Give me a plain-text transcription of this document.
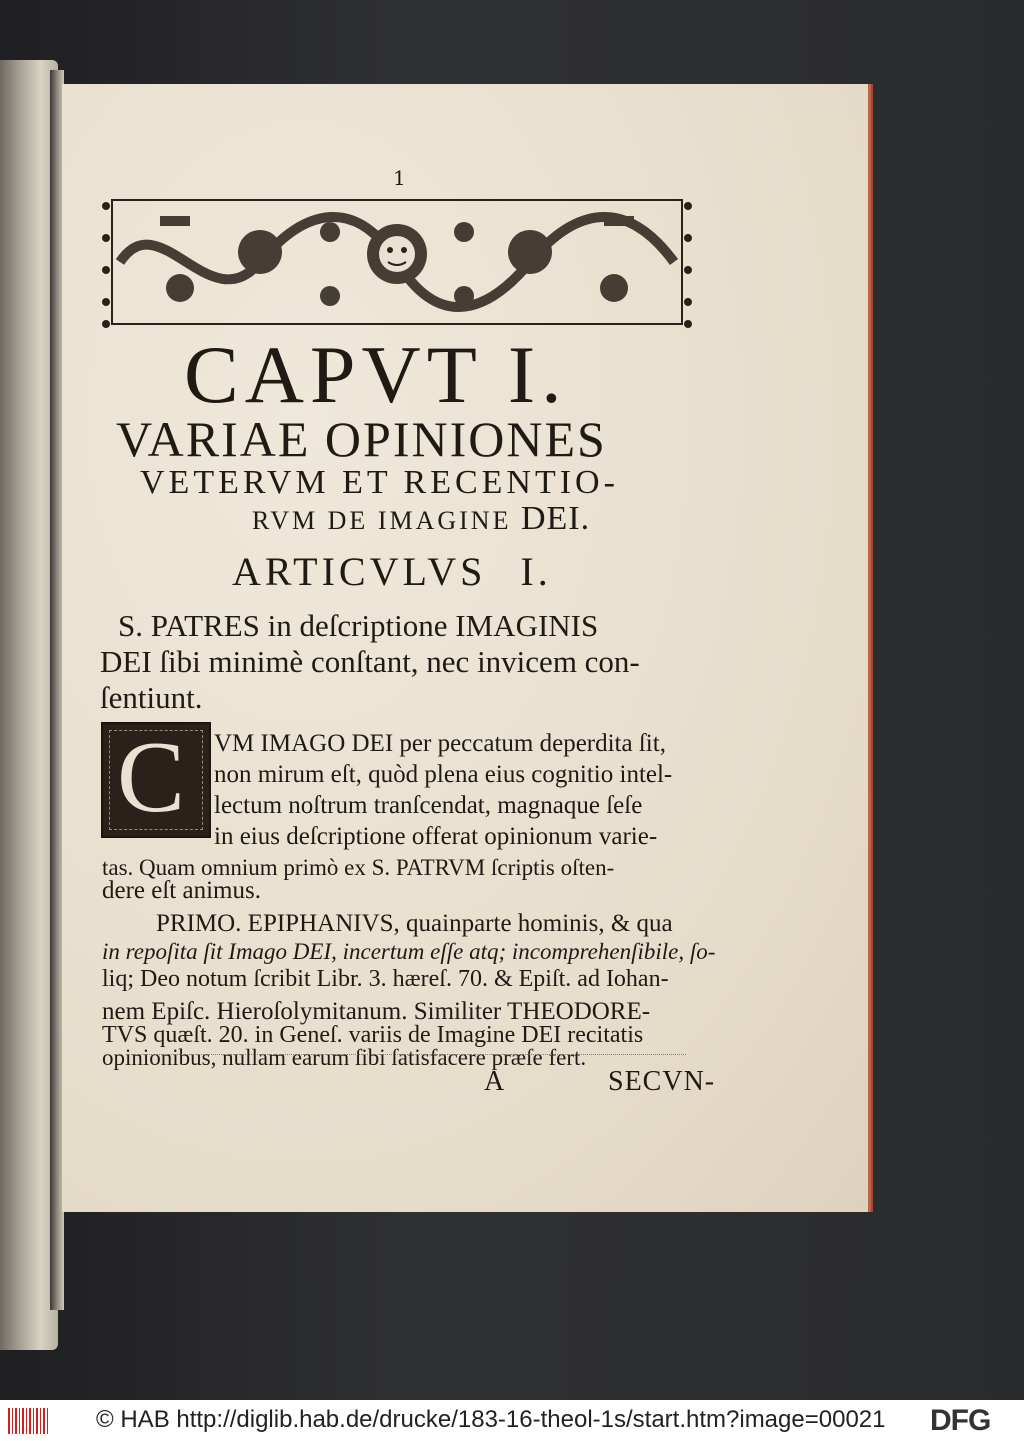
1
CAPVT I.
VARIAE OPINIONES
VETERVM ET RECENTIO-
RVM DE IMAGINE DEI.
ARTICVLVS I.
S. PATRES in deſcriptione IMAGINIS
DEI ſibi minimè conſtant, nec invicem con-
ſentiunt.
C VM IMAGO DEI per peccatum deperdita ſit,
non mirum eſt, quòd plena eius cognitio intel-
lectum noſtrum tranſcendat, magnaque ſeſe
in eius deſcriptione offerat opinionum varie-
tas. Quam omnium primò ex S. PATRVM ſcriptis oſten-
dere eſt animus.
PRIMO. EPIPHANIVS, quainparte hominis, & qua
in repoſita ſit Imago DEI, incertum eſſe atq; incomprehenſibile, ſo-
liq; Deo notum ſcribit Libr. 3. hæreſ. 70. & Epiſt. ad Iohan-
nem Epiſc. Hieroſolymitanum. Similiter THEODORE-
TVS quæſt. 20. in Geneſ. variis de Imagine DEI recitatis
opinionibus, nullam earum ſibi ſatisfacere præſe fert.
A	SECVN-
© HAB http://diglib.hab.de/drucke/183-16-theol-1s/start.htm?image=00021 DFG
